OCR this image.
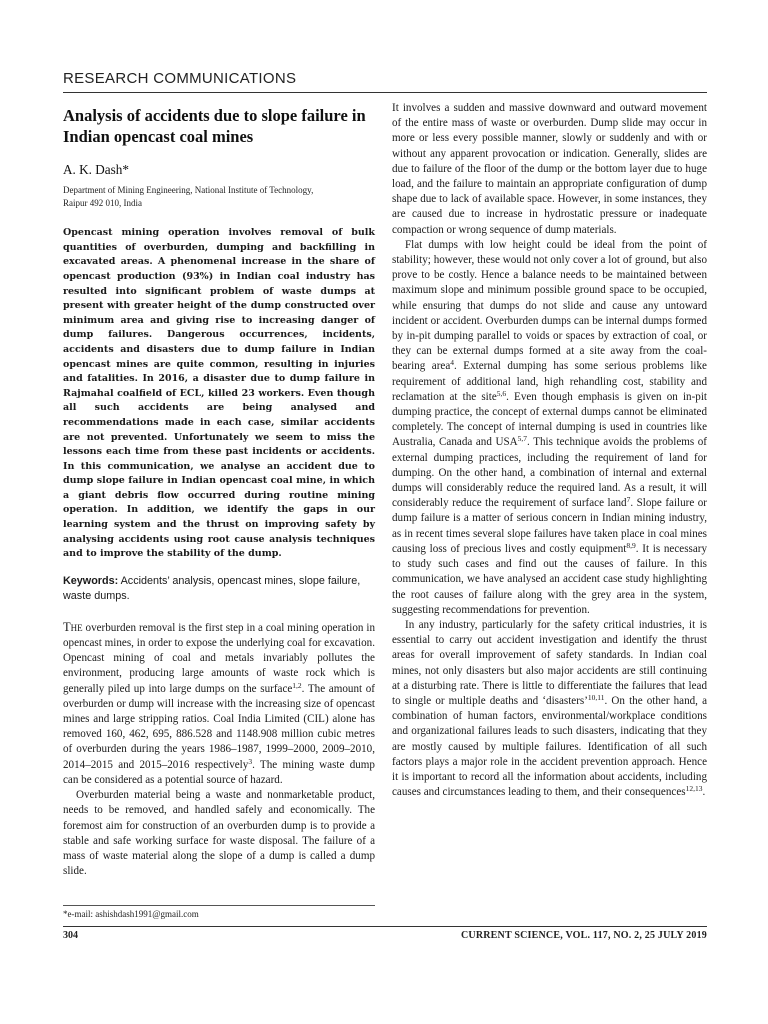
RESEARCH COMMUNICATIONS
Analysis of accidents due to slope failure in Indian opencast coal mines
A. K. Dash*
Department of Mining Engineering, National Institute of Technology,
Raipur 492 010, India
Opencast mining operation involves removal of bulk quantities of overburden, dumping and backfilling in excavated areas. A phenomenal increase in the share of opencast production (93%) in Indian coal industry has resulted into significant problem of waste dumps at present with greater height of the dump constructed over minimum area and giving rise to increasing danger of dump failures. Dangerous occurrences, incidents, accidents and disasters due to dump failure in Indian opencast mines are quite common, resulting in injuries and fatalities. In 2016, a disaster due to dump failure in Rajmahal coalfield of ECL, killed 23 workers. Even though all such accidents are being analysed and recommendations made in each case, similar accidents are not prevented. Unfortunately we seem to miss the lessons each time from these past incidents or accidents. In this communication, we analyse an accident due to dump slope failure in Indian opencast coal mine, in which a giant debris flow occurred during routine mining operation. In addition, we identify the gaps in our learning system and the thrust on improving safety by analysing accidents using root cause analysis techniques and to improve the stability of the dump.
Keywords: Accidents’ analysis, opencast mines, slope failure, waste dumps.

The overburden removal is the first step in a coal mining operation in opencast mines, in order to expose the underlying coal for excavation. Opencast mining of coal and metals invariably pollutes the environment, producing large amounts of waste rock which is generally piled up into large dumps on the surface$^{1,2}$. The amount of overburden or dump will increase with the increasing size of opencast mines and large stripping ratios. Coal India Limited (CIL) alone has removed 160, 462, 695, 886.528 and 1148.908 million cubic metres of overburden during the years 1986–1987, 1999–2000, 2009–2010, 2014–2015 and 2015–2016 respectively$^3$. The mining waste dump can be considered as a potential source of hazard.

Overburden material being a waste and nonmarketable product, needs to be removed, and handled safely and economically. The foremost aim for construction of an overburden dump is to provide a stable and safe working surface for waste disposal. The failure of a mass of waste material along the slope of a dump is called a dump slide.

It involves a sudden and massive downward and outward movement of the entire mass of waste or overburden. Dump slide may occur in more or less every possible manner, slowly or suddenly and with or without any apparent provocation or indication. Generally, slides are due to failure of the floor of the dump or the bottom layer due to huge load, and the failure to maintain an appropriate configuration of dump shape due to lack of available space. However, in some instances, they are caused due to increase in hydrostatic pressure or inadequate compaction or wrong sequence of dump materials.

Flat dumps with low height could be ideal from the point of stability; however, these would not only cover a lot of ground, but also prove to be costly. Hence a balance needs to be maintained between maximum slope and minimum possible ground space to be occupied, while ensuring that dumps do not slide and cause any untoward incident or accident. Overburden dumps can be internal dumps formed by in-pit dumping parallel to voids or spaces by extraction of coal, or they can be external dumps formed at a site away from the coal-bearing area$^4$. External dumping has some serious problems like requirement of additional land, high rehandling cost, stability and reclamation at the site$^{5,6}$. Even though emphasis is given on in-pit dumping practice, the concept of external dumps cannot be eliminated completely. The concept of internal dumping is used in countries like Australia, Canada and USA$^{5,7}$. This technique avoids the problems of external dumping practices, including the requirement of land for dumping. On the other hand, a combination of internal and external dumps will considerably reduce the required land. As a result, it will considerably reduce the requirement of surface land$^7$. Slope failure or dump failure is a matter of serious concern in Indian mining industry, as in recent times several slope failures have taken place in coal mines causing loss of precious lives and costly equipment$^{8,9}$. It is necessary to study such cases and find out the causes of failure. In this communication, we have analysed an accident case study highlighting the root causes of failure along with the grey area in the system, suggesting recommendations for prevention.

In any industry, particularly for the safety critical industries, it is essential to carry out accident investigation and identify the thrust areas for overall improvement of safety standards. In Indian coal mines, not only disasters but also major accidents are still continuing at a disturbing rate. There is little to differentiate the failures that lead to single or multiple deaths and ‘disasters’$^{10,11}$. On the other hand, a combination of human factors, environmental/workplace conditions and organizational failures leads to such disasters, indicating that they are mostly caused by multiple failures. Identification of all such factors plays a major role in the accident prevention approach. Hence it is important to record all the information about accidents, including causes and circumstances leading to them, and their consequences$^{12,13}$.

*e-mail: ashishdash1991@gmail.com
304	CURRENT SCIENCE, VOL. 117, NO. 2, 25 JULY 2019
